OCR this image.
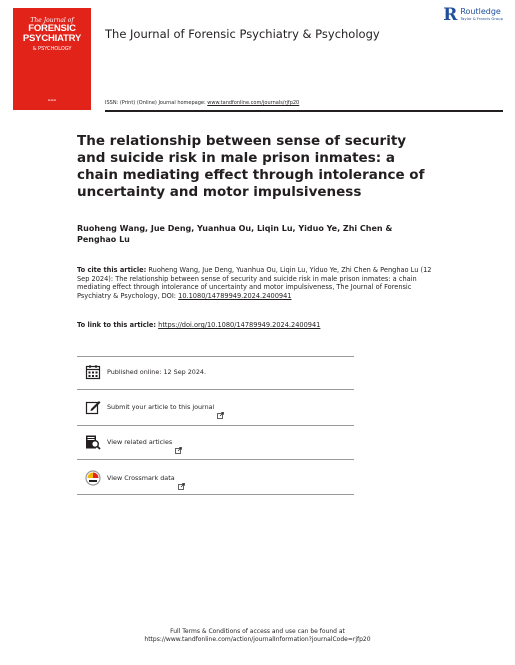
The Journal of
FORENSIC
PSYCHIATRY
& PSYCHOLOGY
▬▬▬
The Journal of Forensic Psychiatry & Psychology
R Routledge
Taylor & Francis Group
ISSN: (Print) (Online) Journal homepage: www.tandfonline.com/journals/rjfp20
The relationship between sense of security and suicide risk in male prison inmates: a chain mediating effect through intolerance of uncertainty and motor impulsiveness
Ruoheng Wang, Jue Deng, Yuanhua Ou, Liqin Lu, Yiduo Ye, Zhi Chen & Penghao Lu
To cite this article: Ruoheng Wang, Jue Deng, Yuanhua Ou, Liqin Lu, Yiduo Ye, Zhi Chen & Penghao Lu (12 Sep 2024): The relationship between sense of security and suicide risk in male prison inmates: a chain mediating effect through intolerance of uncertainty and motor impulsiveness, The Journal of Forensic Psychiatry & Psychology, DOI: 10.1080/14789949.2024.2400941
To link to this article: https://doi.org/10.1080/14789949.2024.2400941
Published online: 12 Sep 2024.
Submit your article to this journal
View related articles
View Crossmark data
Full Terms & Conditions of access and use can be found at
https://www.tandfonline.com/action/journalInformation?journalCode=rjfp20
